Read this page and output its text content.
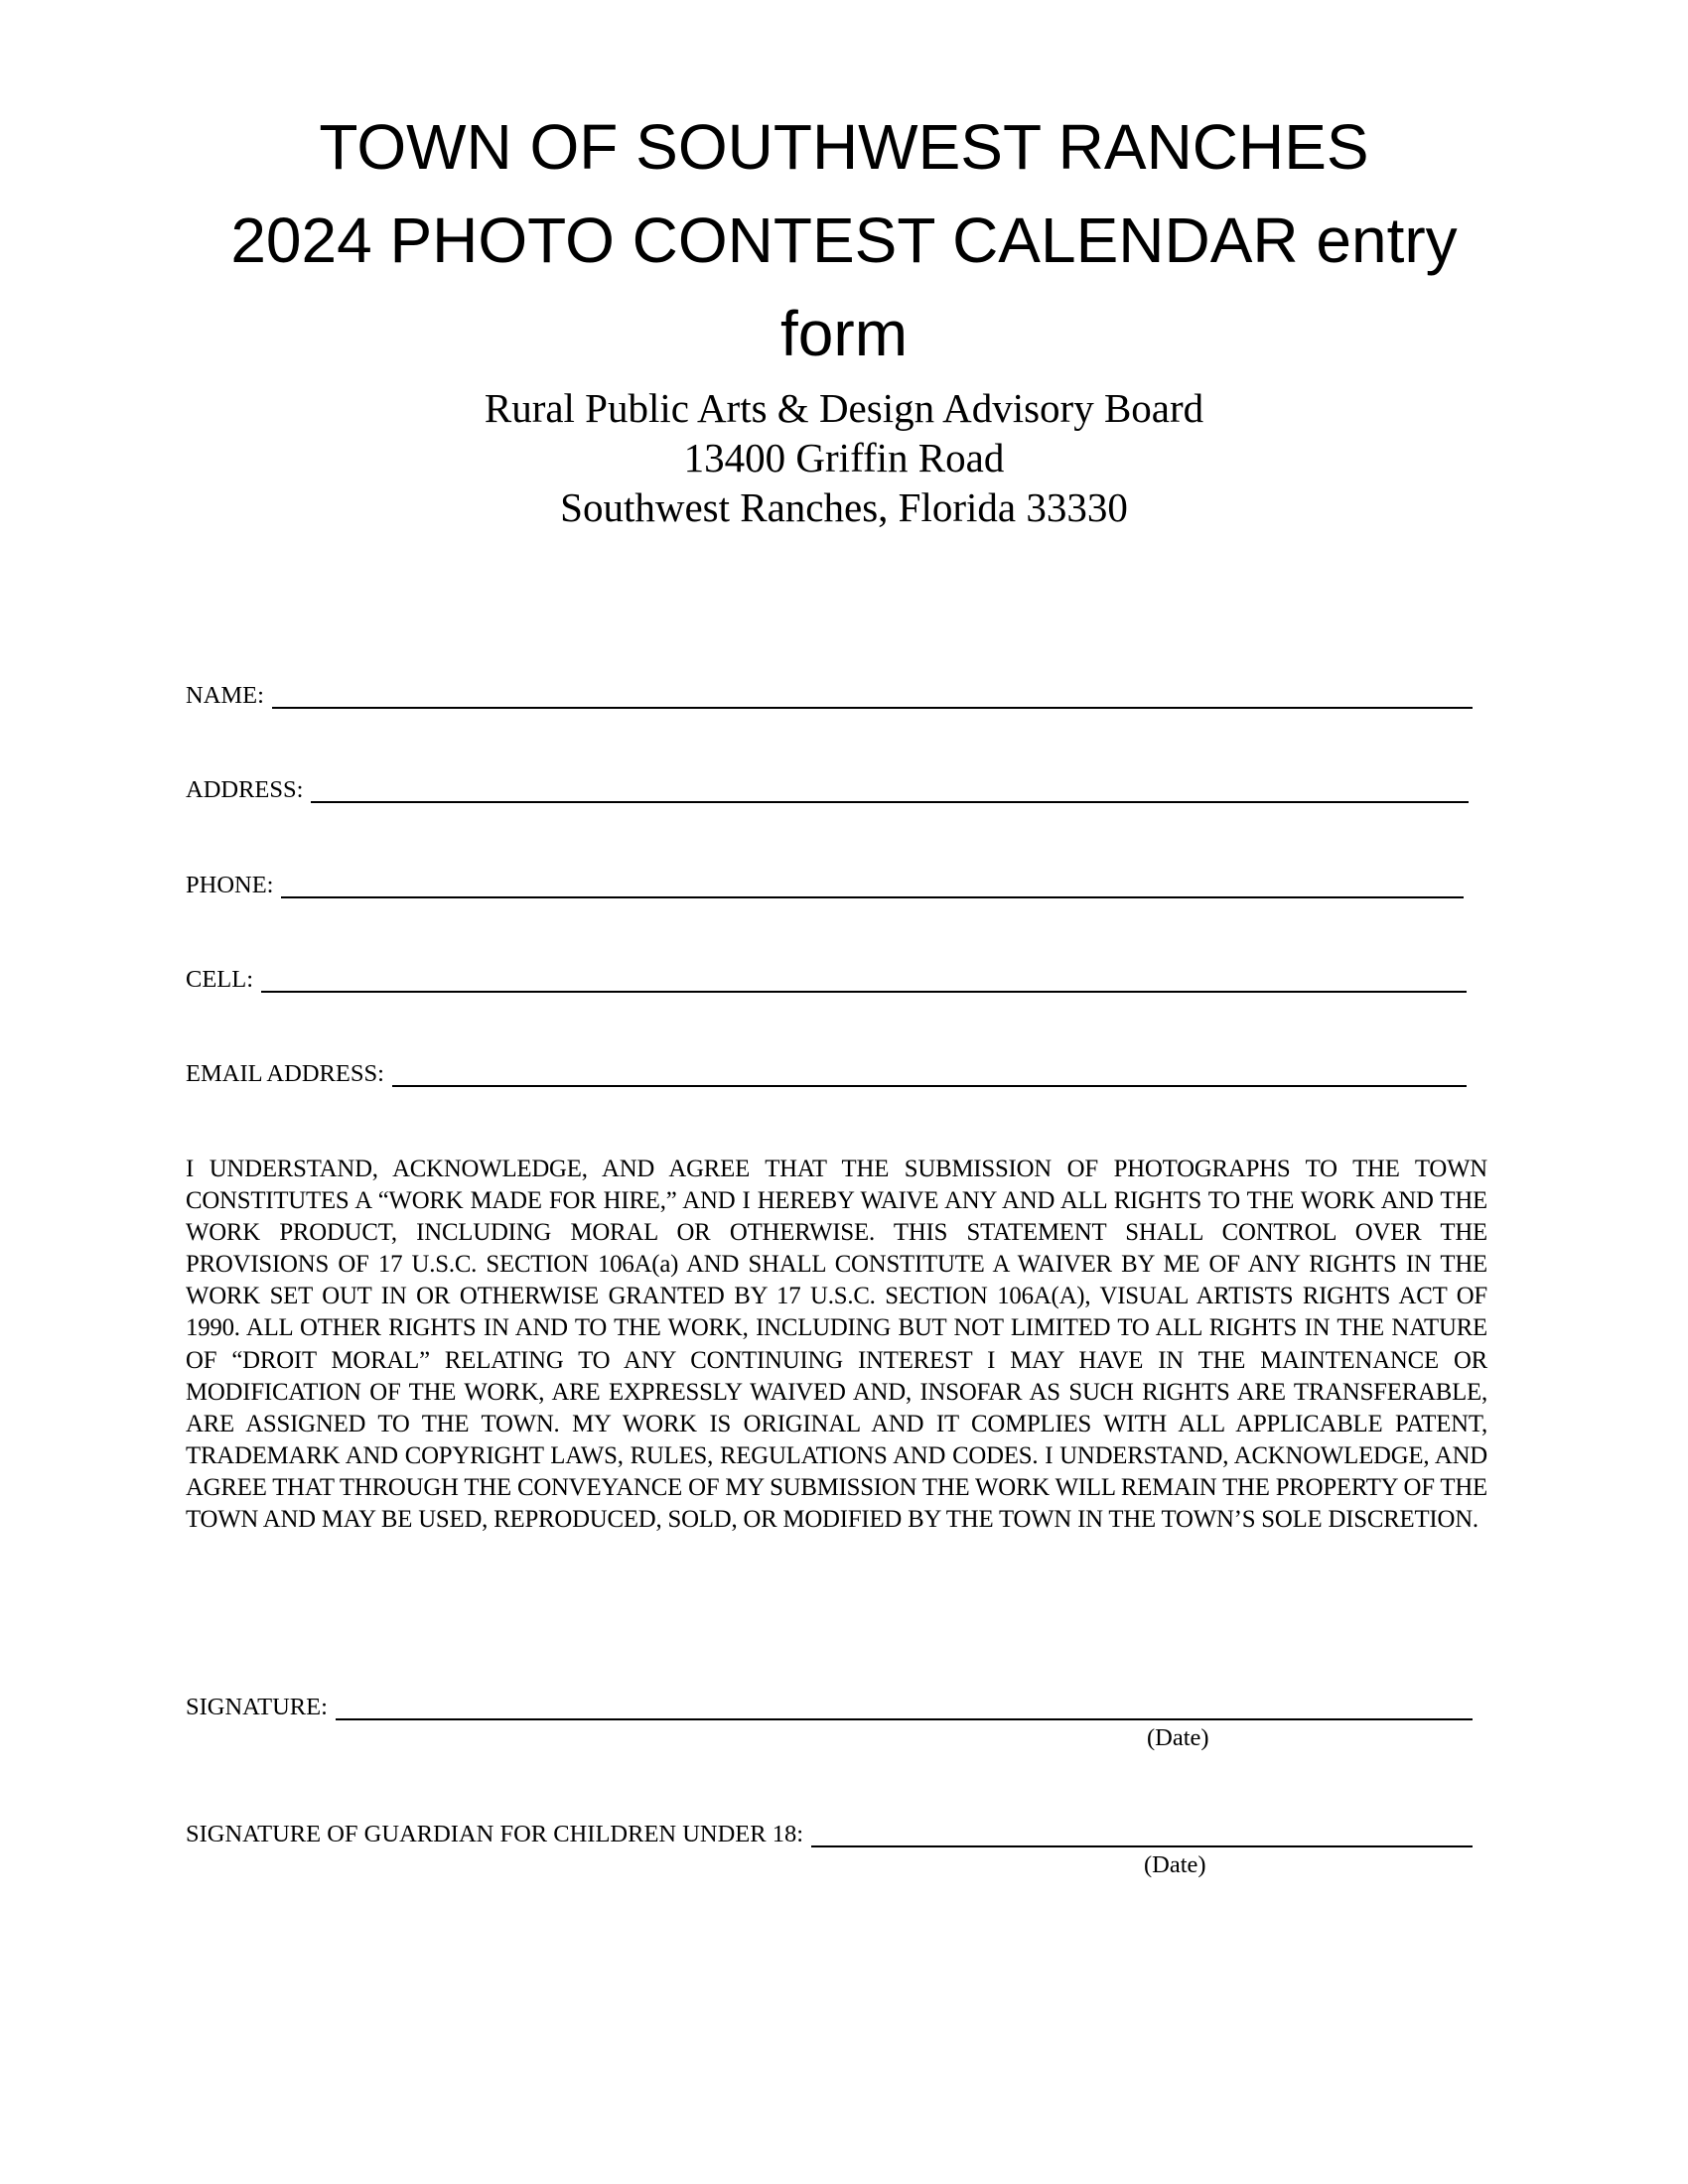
TOWN OF SOUTHWEST RANCHES
2024 PHOTO CONTEST CALENDAR entry
form
Rural Public Arts & Design Advisory Board
13400 Griffin Road
Southwest Ranches, Florida 33330
NAME:
ADDRESS:
PHONE:
CELL:
EMAIL ADDRESS:
I UNDERSTAND, ACKNOWLEDGE, AND AGREE THAT THE SUBMISSION OF PHOTOGRAPHS TO THE TOWN CONSTITUTES A “WORK MADE FOR HIRE,” AND I HEREBY WAIVE ANY AND ALL RIGHTS TO THE WORK AND THE WORK PRODUCT, INCLUDING MORAL OR OTHERWISE. THIS STATEMENT SHALL CONTROL OVER THE PROVISIONS OF 17 U.S.C. SECTION 106A(a) AND SHALL CONSTITUTE A WAIVER BY ME OF ANY RIGHTS IN THE WORK SET OUT IN OR OTHERWISE GRANTED BY 17 U.S.C. SECTION 106A(A), VISUAL ARTISTS RIGHTS ACT OF 1990. ALL OTHER RIGHTS IN AND TO THE WORK, INCLUDING BUT NOT LIMITED TO ALL RIGHTS IN THE NATURE OF “DROIT MORAL” RELATING TO ANY CONTINUING INTEREST I MAY HAVE IN THE MAINTENANCE OR MODIFICATION OF THE WORK, ARE EXPRESSLY WAIVED AND, INSOFAR AS SUCH RIGHTS ARE TRANSFERABLE, ARE ASSIGNED TO THE TOWN. MY WORK IS ORIGINAL AND IT COMPLIES WITH ALL APPLICABLE PATENT, TRADEMARK AND COPYRIGHT LAWS, RULES, REGULATIONS AND CODES. I UNDERSTAND, ACKNOWLEDGE, AND AGREE THAT THROUGH THE CONVEYANCE OF MY SUBMISSION THE WORK WILL REMAIN THE PROPERTY OF THE TOWN AND MAY BE USED, REPRODUCED, SOLD, OR MODIFIED BY THE TOWN IN THE TOWN’S SOLE DISCRETION.
SIGNATURE:
(Date)
SIGNATURE OF GUARDIAN FOR CHILDREN UNDER 18:
(Date)
